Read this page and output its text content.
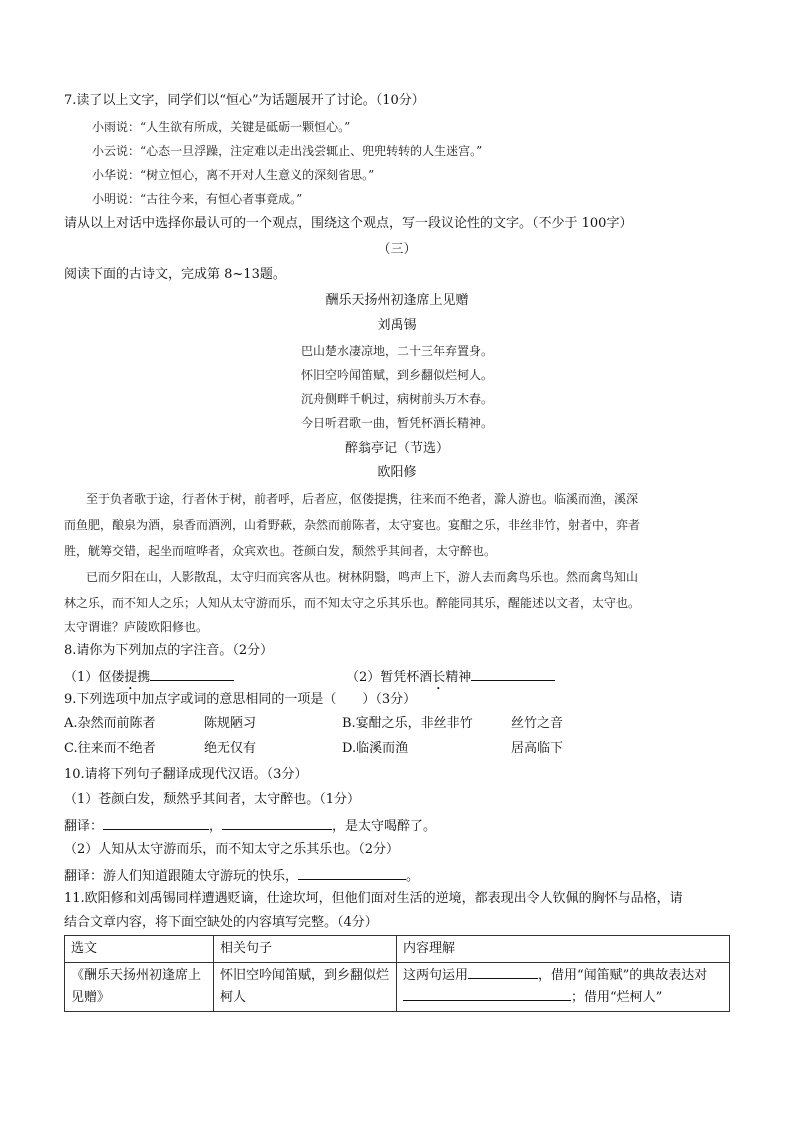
7.读了以上文字，同学们以“恒心”为话题展开了讨论。（10分）
小雨说：“人生欲有所成，关键是砥砺一颗恒心。”
小云说：“心态一旦浮躁，注定难以走出浅尝辄止、兜兜转转的人生迷宫。”
小华说：“树立恒心，离不开对人生意义的深刻省思。”
小明说：“古往今来，有恒心者事竟成。”
请从以上对话中选择你最认可的一个观点，围绕这个观点，写一段议论性的文字。（不少于 100字）
（三）
阅读下面的古诗文，完成第 8~13题。
酬乐天扬州初逢席上见赠
刘禹锡
巴山楚水凄凉地，二十三年弃置身。
怀旧空吟闻笛赋，到乡翻似烂柯人。
沉舟侧畔千帆过，病树前头万木春。
今日听君歌一曲，暂凭杯酒长精神。
醉翁亭记（节选）
欧阳修
至于负者歌于途，行者休于树，前者呼，后者应，伛偻提携，往来而不绝者，滁人游也。临溪而渔，溪深
而鱼肥，酿泉为酒，泉香而酒洌，山肴野蔌，杂然而前陈者，太守宴也。宴酣之乐，非丝非竹，射者中，弈者
胜，觥筹交错，起坐而喧哗者，众宾欢也。苍颜白发，颓然乎其间者，太守醉也。
已而夕阳在山，人影散乱，太守归而宾客从也。树林阴翳，鸣声上下，游人去而禽鸟乐也。然而禽鸟知山
林之乐，而不知人之乐；人知从太守游而乐，而不知太守之乐其乐也。醉能同其乐，醒能述以文者，太守也。
太守谓谁？庐陵欧阳修也。
8.请你为下列加点的字注音。（2分）
（1）伛偻提携	（2）暂凭杯酒长精神
9.下列选项中加点字或词的意思相同的一项是（　　）（3分）
A.杂然而前陈者	陈规陋习	B.宴酣之乐，非丝非竹	丝竹之音
C.往来而不绝者	绝无仅有	D.临溪而渔	居高临下
10.请将下列句子翻译成现代汉语。（3分）
（1）苍颜白发，颓然乎其间者，太守醉也。（1分）
翻译：	，	，是太守喝醉了。
（2）人知从太守游而乐，而不知太守之乐其乐也。（2分）
翻译：游人们知道跟随太守游玩的快乐，	。
11.欧阳修和刘禹锡同样遭遇贬谪，仕途坎坷，但他们面对生活的逆境，都表现出令人钦佩的胸怀与品格，请
结合文章内容，将下面空缺处的内容填写完整。（4分）
选文	相关句子	内容理解
《酬乐天扬州初逢席上见赠》	怀旧空吟闻笛赋，到乡翻似烂柯人	这两句运用 ，借用“闻笛赋”的典故表达对；借用“烂柯人”
